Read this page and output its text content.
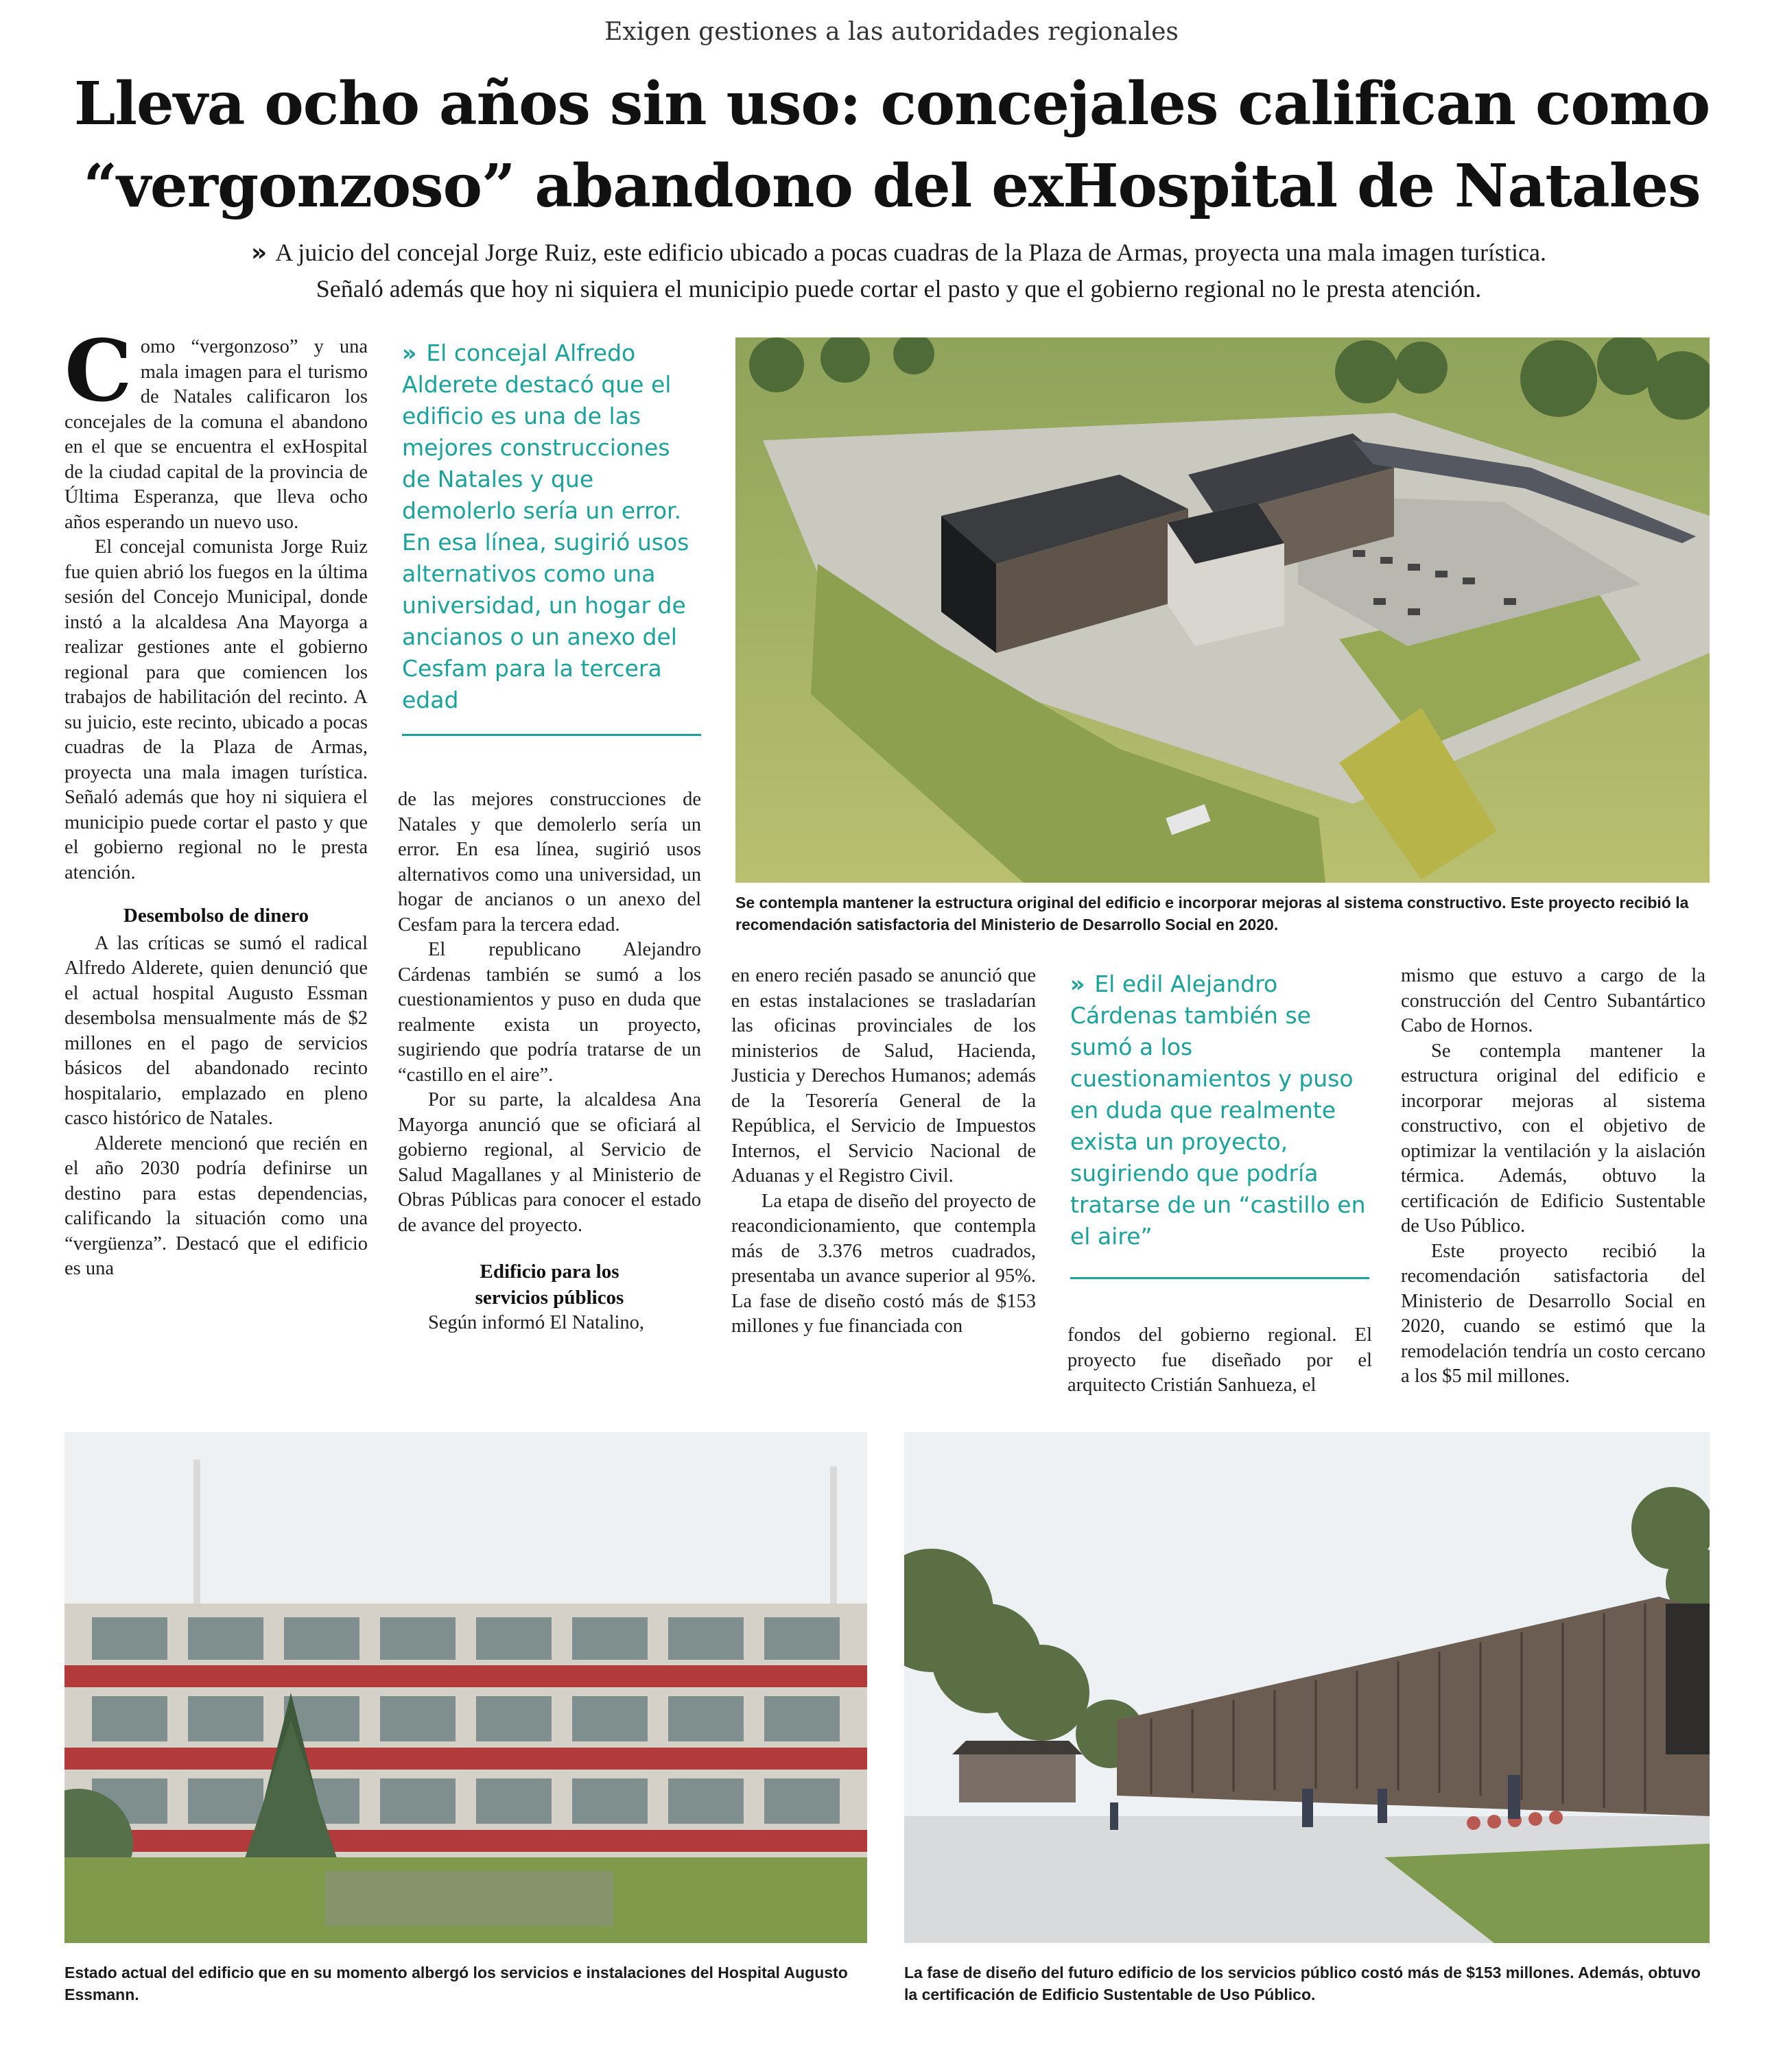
Exigen gestiones a las autoridades regionales
Lleva ocho años sin uso: concejales califican como
“vergonzoso” abandono del exHospital de Natales
» A juicio del concejal Jorge Ruiz, este edificio ubicado a pocas cuadras de la Plaza de Armas, proyecta una mala imagen turística.
Señaló además que hoy ni siquiera el municipio puede cortar el pasto y que el gobierno regional no le presta atención.

Como “vergonzoso” y una mala imagen para el turismo de Natales calificaron los concejales de la comuna el abandono en el que se encuentra el exHospital de la ciudad capital de la provincia de Última Esperanza, que lleva ocho años esperando un nuevo uso.

El concejal comunista Jorge Ruiz fue quien abrió los fuegos en la última sesión del Concejo Municipal, donde instó a la alcaldesa Ana Mayorga a realizar gestiones ante el gobierno regional para que comiencen los trabajos de habilitación del recinto. A su juicio, este recinto, ubicado a pocas cuadras de la Plaza de Armas, proyecta una mala imagen turística. Señaló además que hoy ni siquiera el municipio puede cortar el pasto y que el gobierno regional no le presta atención.

Desembolso de dinero

A las críticas se sumó el radical Alfredo Alderete, quien denunció que el actual hospital Augusto Essman desembolsa mensualmente más de $2 millones en el pago de servicios básicos del abandonado recinto hospitalario, emplazado en pleno casco histórico de Natales.

Alderete mencionó que recién en el año 2030 podría definirse un destino para estas dependencias, calificando la situación como una “vergüenza”. Destacó que el edificio es una

» El concejal Alfredo Alderete destacó que el edificio es una de las mejores construcciones de Natales y que demolerlo sería un error. En esa línea, sugirió usos alternativos como una universidad, un hogar de ancianos o un anexo del Cesfam para la tercera edad

de las mejores construcciones de Natales y que demolerlo sería un error. En esa línea, sugirió usos alternativos como una universidad, un hogar de ancianos o un anexo del Cesfam para la tercera edad.

El republicano Alejandro Cárdenas también se sumó a los cuestionamientos y puso en duda que realmente exista un proyecto, sugiriendo que podría tratarse de un “castillo en el aire”.

Por su parte, la alcaldesa Ana Mayorga anunció que se oficiará al gobierno regional, al Servicio de Salud Magallanes y al Ministerio de Obras Públicas para conocer el estado de avance del proyecto.

Edificio para los
servicios públicos

Según informó El Natalino,

Se contempla mantener la estructura original del edificio e incorporar mejoras al sistema constructivo. Este proyecto recibió la recomendación satisfactoria del Ministerio de Desarrollo Social en 2020.

en enero recién pasado se anunció que en estas instalaciones se trasladarían las oficinas provinciales de los ministerios de Salud, Hacienda, Justicia y Derechos Humanos; además de la Tesorería General de la República, el Servicio de Impuestos Internos, el Servicio Nacional de Aduanas y el Registro Civil.

La etapa de diseño del proyecto de reacondicionamiento, que contempla más de 3.376 metros cuadrados, presentaba un avance superior al 95%. La fase de diseño costó más de $153 millones y fue financiada con

» El edil Alejandro Cárdenas también se sumó a los cuestionamientos y puso en duda que realmente exista un proyecto, sugiriendo que podría tratarse de un “castillo en el aire”

fondos del gobierno regional. El proyecto fue diseñado por el arquitecto Cristián Sanhueza, el

mismo que estuvo a cargo de la construcción del Centro Subantártico Cabo de Hornos.

Se contempla mantener la estructura original del edificio e incorporar mejoras al sistema constructivo, con el objetivo de optimizar la ventilación y la aislación térmica. Además, obtuvo la certificación de Edificio Sustentable de Uso Público.

Este proyecto recibió la recomendación satisfactoria del Ministerio de Desarrollo Social en 2020, cuando se estimó que la remodelación tendría un costo cercano a los $5 mil millones.

Estado actual del edificio que en su momento albergó los servicios e instalaciones del Hospital Augusto Essmann.
La fase de diseño del futuro edificio de los servicios público costó más de $153 millones. Además, obtuvo la certificación de Edificio Sustentable de Uso Público.
